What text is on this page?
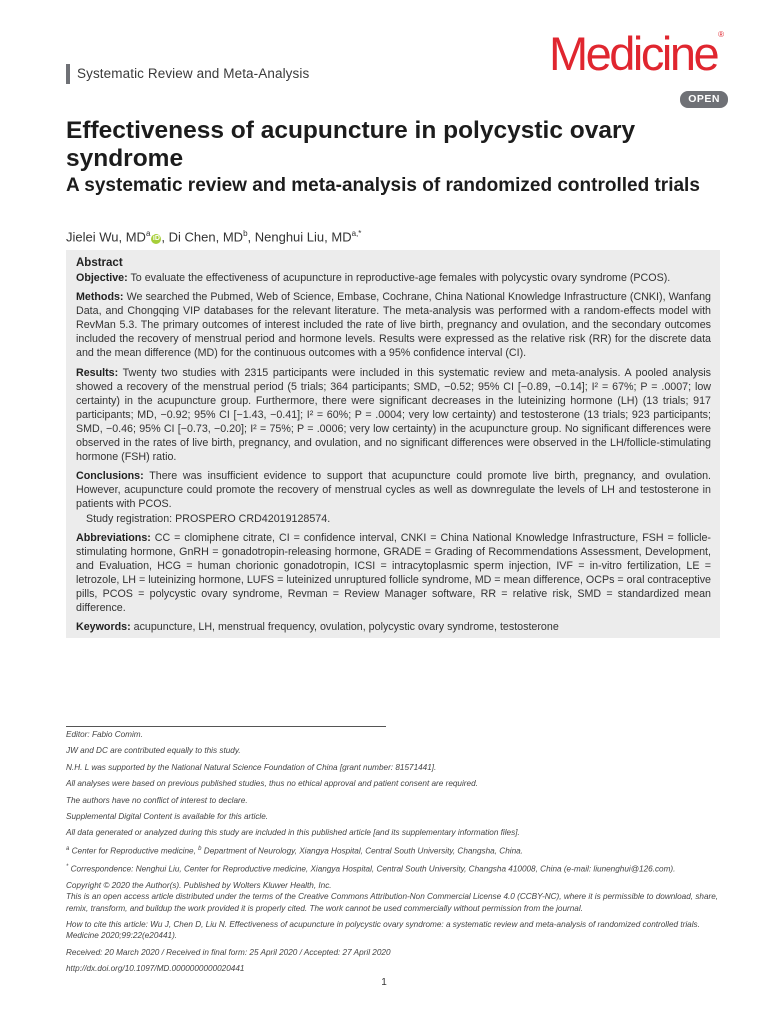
Systematic Review and Meta-Analysis	Medicine®
OPEN
Effectiveness of acupuncture in polycystic ovary syndrome
A systematic review and meta-analysis of randomized controlled trials
Jielei Wu, $MD^aiD$ , Di Chen, $MD^b$, Nenghui Liu, $MD^{a,*}$
Abstract

Objective: To evaluate the effectiveness of acupuncture in reproductive-age females with polycystic ovary syndrome (PCOS).

Methods: We searched the Pubmed, Web of Science, Embase, Cochrane, China National Knowledge Infrastructure (CNKI), Wanfang Data, and Chongqing VIP databases for the relevant literature. The meta-analysis was performed with a random-effects model with RevMan 5.3. The primary outcomes of interest included the rate of live birth, pregnancy and ovulation, and the secondary outcomes included the recovery of menstrual period and hormone levels. Results were expressed as the relative risk (RR) for the discrete data and the mean difference (MD) for the continuous outcomes with a 95% confidence interval (CI).

Results: Twenty two studies with 2315 participants were included in this systematic review and meta-analysis. A pooled analysis showed a recovery of the menstrual period (5 trials; 364 participants; SMD, −0.52; 95% CI [−0.89, −0.14]; I² = 67%; P = .0007; low certainty) in the acupuncture group. Furthermore, there were significant decreases in the luteinizing hormone (LH) (13 trials; 917 participants; MD, −0.92; 95% CI [−1.43, −0.41]; I² = 60%; P = .0004; very low certainty) and testosterone (13 trials; 923 participants; SMD, −0.46; 95% CI [−0.73, −0.20]; I² = 75%; P = .0006; very low certainty) in the acupuncture group. No significant differences were observed in the rates of live birth, pregnancy, and ovulation, and no significant differences were observed in the LH/follicle-stimulating hormone (FSH) ratio.

Conclusions: There was insufficient evidence to support that acupuncture could promote live birth, pregnancy, and ovulation. However, acupuncture could promote the recovery of menstrual cycles as well as downregulate the levels of LH and testosterone in patients with PCOS.

Study registration: PROSPERO CRD42019128574.

Abbreviations: CC = clomiphene citrate, CI = confidence interval, CNKI = China National Knowledge Infrastructure, FSH = follicle-stimulating hormone, GnRH = gonadotropin-releasing hormone, GRADE = Grading of Recommendations Assessment, Development, and Evaluation, HCG = human chorionic gonadotropin, ICSI = intracytoplasmic sperm injection, IVF = in-vitro fertilization, LE = letrozole, LH = luteinizing hormone, LUFS = luteinized unruptured follicle syndrome, MD = mean difference, OCPs = oral contraceptive pills, PCOS = polycystic ovary syndrome, Revman = Review Manager software, RR = relative risk, SMD = standardized mean difference.

Keywords: acupuncture, LH, menstrual frequency, ovulation, polycystic ovary syndrome, testosterone

Editor: Fabio Comim.

JW and DC are contributed equally to this study.

N.H. L was supported by the National Natural Science Foundation of China [grant number: 81571441].

All analyses were based on previous published studies, thus no ethical approval and patient consent are required.

The authors have no conflict of interest to declare.

Supplemental Digital Content is available for this article.

All data generated or analyzed during this study are included in this published article [and its supplementary information files].

$^a$ Center for Reproductive medicine, $^b$ Department of Neurology, Xiangya Hospital, Central South University, Changsha, China.

* Correspondence: Nenghui Liu, Center for Reproductive medicine, Xiangya Hospital, Central South University, Changsha 410008, China (e-mail: liunenghui@126.com).

Copyright © 2020 the Author(s). Published by Wolters Kluwer Health, Inc.
This is an open access article distributed under the terms of the Creative Commons Attribution-Non Commercial License 4.0 (CCBY-NC), where it is permissible to download, share, remix, transform, and buildup the work provided it is properly cited. The work cannot be used commercially without permission from the journal.

How to cite this article: Wu J, Chen D, Liu N. Effectiveness of acupuncture in polycystic ovary syndrome: a systematic review and meta-analysis of randomized controlled trials. Medicine 2020;99:22(e20441).

Received: 20 March 2020 / Received in final form: 25 April 2020 / Accepted: 27 April 2020

http://dx.doi.org/10.1097/MD.0000000000020441

1
